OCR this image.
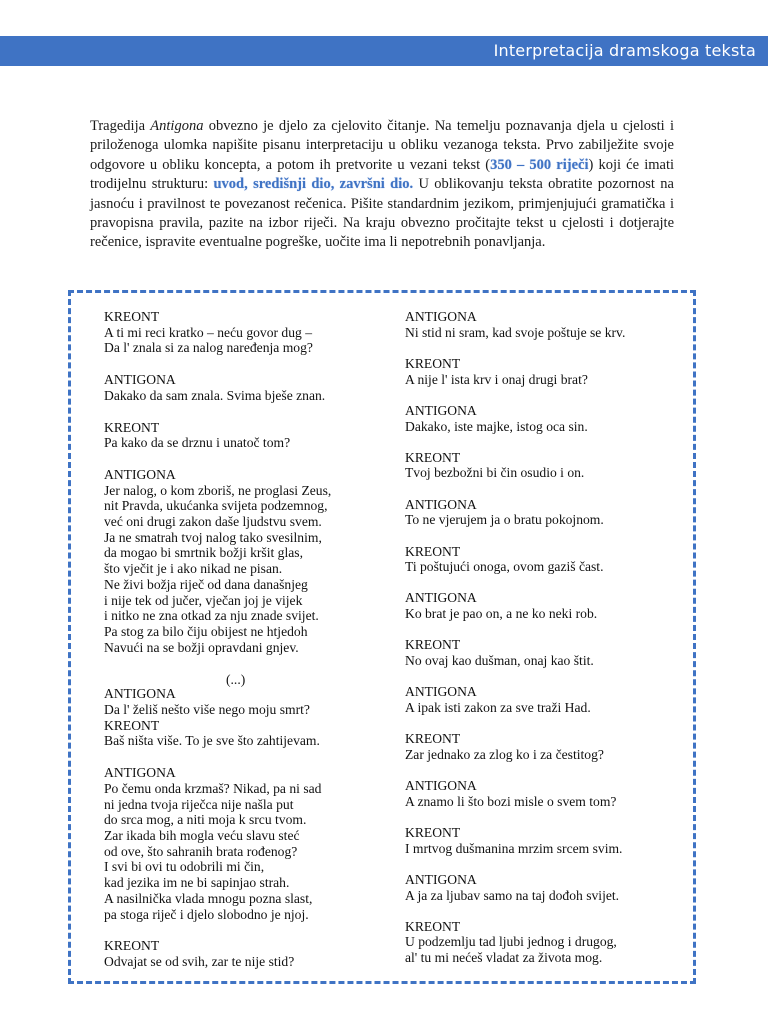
Interpretacija dramskoga teksta
Tragedija Antigona obvezno je djelo za cjelovito čitanje. Na temelju poznavanja djela u cjelosti i priloženoga ulomka napišite pisanu interpretaciju u obliku vezanoga teksta. Prvo zabilježite svoje odgovore u obliku koncepta, a potom ih pretvorite u vezani tekst (350 – 500 riječi) koji će imati trodijelnu strukturu: uvod, središnji dio, završni dio. U oblikovanju teksta obratite pozornost na jasnoću i pravilnost te povezanost rečenica. Pišite standardnim jezikom, primjenjujući gramatička i pravopisna pravila, pazite na izbor riječi. Na kraju obvezno pročitajte tekst u cjelosti i dotjerajte rečenice, ispravite eventualne pogreške, uočite ima li nepotrebnih ponavljanja.
KREONT
A ti mi reci kratko – neću govor dug –
Da l' znala si za nalog naređenja mog?
ANTIGONA
Dakako da sam znala. Svima bješe znan.
KREONT
Pa kako da se drznu i unatoč tom?
ANTIGONA
Jer nalog, o kom zboriš, ne proglasi Zeus,
nit Pravda, ukućanka svijeta podzemnog,
već oni drugi zakon daše ljudstvu svem.
Ja ne smatrah tvoj nalog tako svesilnim,
da mogao bi smrtnik božji kršit glas,
što vječit je i ako nikad ne pisan.
Ne živi božja riječ od dana današnjeg
i nije tek od jučer, vječan joj je vijek
i nitko ne zna otkad za nju znade svijet.
Pa stog za bilo čiju obijest ne htjedoh
Navući na se božji opravdani gnjev.
ANTIGONA
Da l' želiš nešto više nego moju smrt?
KREONT
Baš ništa više. To je sve što zahtijevam.
ANTIGONA
Po čemu onda krzmaš? Nikad, pa ni sad
ni jedna tvoja riječca nije našla put
do srca mog, a niti moja k srcu tvom.
Zar ikada bih mogla veću slavu steć
od ove, što sahranih brata rođenog?
I svi bi ovi tu odobrili mi čin,
kad jezika im ne bi sapinjao strah.
A nasilnička vlada mnogu pozna slast,
pa stoga riječ i djelo slobodno je njoj.
KREONT
Odvajat se od svih, zar te nije stid?
(...)
ANTIGONA
Ni stid ni sram, kad svoje poštuje se krv.
KREONT
A nije l' ista krv i onaj drugi brat?
ANTIGONA
Dakako, iste majke, istog oca sin.
KREONT
Tvoj bezbožni bi čin osudio i on.
ANTIGONA
To ne vjerujem ja o bratu pokojnom.
KREONT
Ti poštujući onoga, ovom gaziš čast.
ANTIGONA
Ko brat je pao on, a ne ko neki rob.
KREONT
No ovaj kao dušman, onaj kao štit.
ANTIGONA
A ipak isti zakon za sve traži Had.
KREONT
Zar jednako za zlog ko i za čestitog?
ANTIGONA
A znamo li što bozi misle o svem tom?
KREONT
I mrtvog dušmanina mrzim srcem svim.
ANTIGONA
A ja za ljubav samo na taj dođoh svijet.
KREONT
U podzemlju tad ljubi jednog i drugog,
al' tu mi nećeš vladat za života mog.
